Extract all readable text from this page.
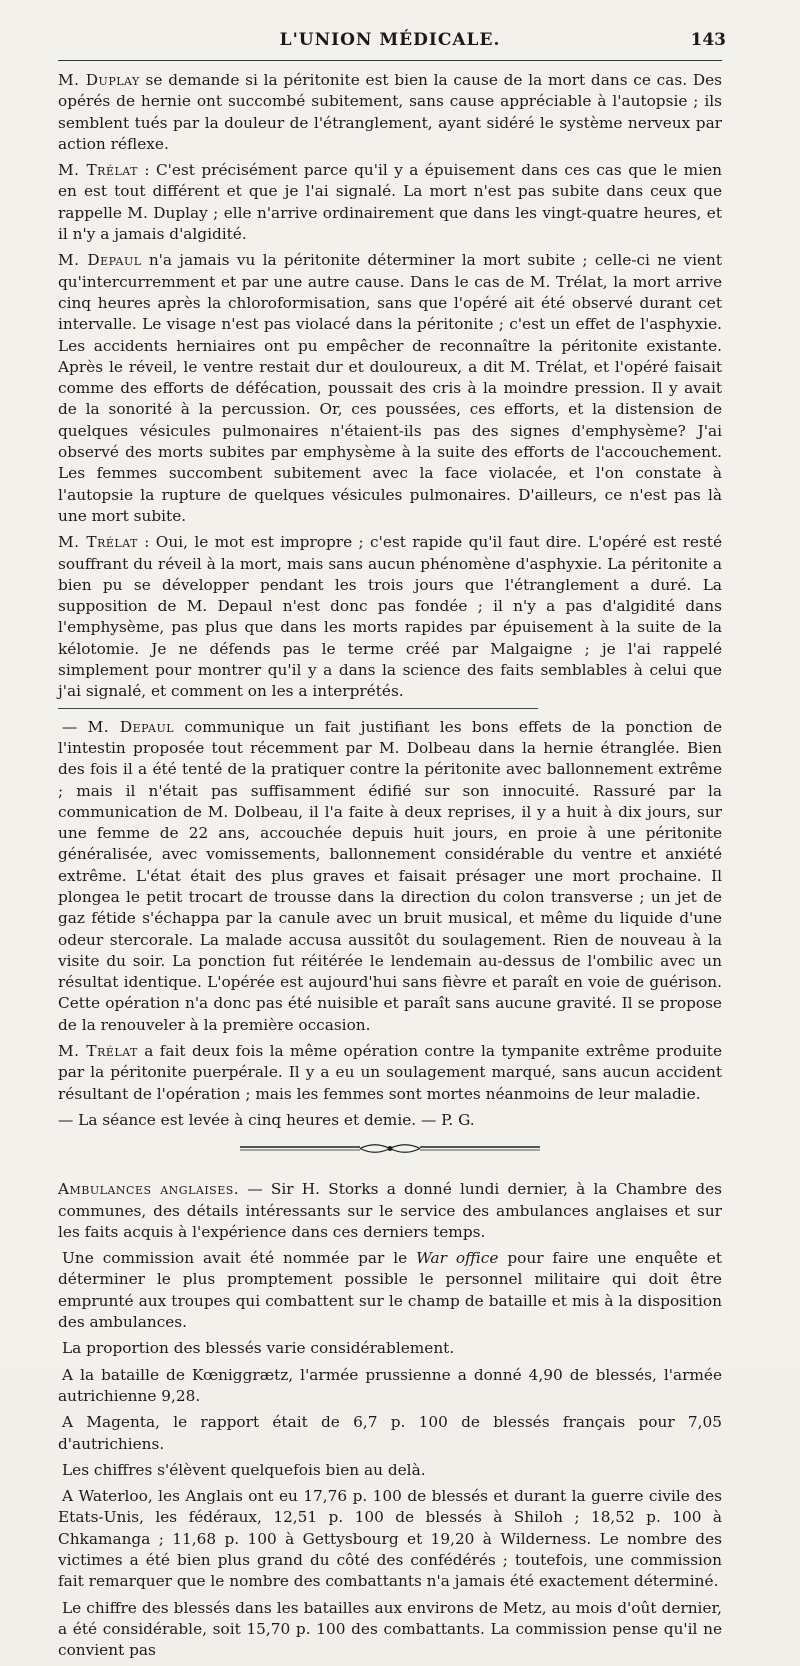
L'UNION MÉDICALE.	143

M. Duplay se demande si la péritonite est bien la cause de la mort dans ce cas. Des opérés de hernie ont succombé subitement, sans cause appréciable à l'autopsie ; ils semblent tués par la douleur de l'étranglement, ayant sidéré le système nerveux par action réflexe.

M. Trélat : C'est précisément parce qu'il y a épuisement dans ces cas que le mien en est tout différent et que je l'ai signalé. La mort n'est pas subite dans ceux que rappelle M. Duplay ; elle n'arrive ordinairement que dans les vingt-quatre heures, et il n'y a jamais d'algidité.

M. Depaul n'a jamais vu la péritonite déterminer la mort subite ; celle-ci ne vient qu'intercurremment et par une autre cause. Dans le cas de M. Trélat, la mort arrive cinq heures après la chloroformisation, sans que l'opéré ait été observé durant cet intervalle. Le visage n'est pas violacé dans la péritonite ; c'est un effet de l'asphyxie. Les accidents herniaires ont pu empêcher de reconnaître la péritonite existante. Après le réveil, le ventre restait dur et douloureux, a dit M. Trélat, et l'opéré faisait comme des efforts de défécation, poussait des cris à la moindre pression. Il y avait de la sonorité à la percussion. Or, ces poussées, ces efforts, et la distension de quelques vésicules pulmonaires n'étaient-ils pas des signes d'emphysème? J'ai observé des morts subites par emphysème à la suite des efforts de l'accouchement. Les femmes succombent subitement avec la face violacée, et l'on constate à l'autopsie la rupture de quelques vésicules pulmonaires. D'ailleurs, ce n'est pas là une mort subite.

M. Trélat : Oui, le mot est impropre ; c'est rapide qu'il faut dire. L'opéré est resté souffrant du réveil à la mort, mais sans aucun phénomène d'asphyxie. La péritonite a bien pu se développer pendant les trois jours que l'étranglement a duré. La supposition de M. Depaul n'est donc pas fondée ; il n'y a pas d'algidité dans l'emphysème, pas plus que dans les morts rapides par épuisement à la suite de la kélotomie. Je ne défends pas le terme créé par Malgaigne ; je l'ai rappelé simplement pour montrer qu'il y a dans la science des faits semblables à celui que j'ai signalé, et comment on les a interprétés.

— M. Depaul communique un fait justifiant les bons effets de la ponction de l'intestin proposée tout récemment par M. Dolbeau dans la hernie étranglée. Bien des fois il a été tenté de la pratiquer contre la péritonite avec ballonnement extrême ; mais il n'était pas suffisamment édifié sur son innocuité. Rassuré par la communication de M. Dolbeau, il l'a faite à deux reprises, il y a huit à dix jours, sur une femme de 22 ans, accouchée depuis huit jours, en proie à une péritonite généralisée, avec vomissements, ballonnement considérable du ventre et anxiété extrême. L'état était des plus graves et faisait présager une mort prochaine. Il plongea le petit trocart de trousse dans la direction du colon transverse ; un jet de gaz fétide s'échappa par la canule avec un bruit musical, et même du liquide d'une odeur stercorale. La malade accusa aussitôt du soulagement. Rien de nouveau à la visite du soir. La ponction fut réitérée le lendemain au-dessus de l'ombilic avec un résultat identique. L'opérée est aujourd'hui sans fièvre et paraît en voie de guérison. Cette opération n'a donc pas été nuisible et paraît sans aucune gravité. Il se propose de la renouveler à la première occasion.

M. Trélat a fait deux fois la même opération contre la tympanite extrême produite par la péritonite puerpérale. Il y a eu un soulagement marqué, sans aucun accident résultant de l'opération ; mais les femmes sont mortes néanmoins de leur maladie.

— La séance est levée à cinq heures et demie. — P. G.

Ambulances anglaises. — Sir H. Storks a donné lundi dernier, à la Chambre des communes, des détails intéressants sur le service des ambulances anglaises et sur les faits acquis à l'expérience dans ces derniers temps.

Une commission avait été nommée par le War office pour faire une enquête et déterminer le plus promptement possible le personnel militaire qui doit être emprunté aux troupes qui combattent sur le champ de bataille et mis à la disposition des ambulances.

La proportion des blessés varie considérablement.

A la bataille de Kœniggrætz, l'armée prussienne a donné 4,90 de blessés, l'armée autrichienne 9,28.

A Magenta, le rapport était de 6,7 p. 100 de blessés français pour 7,05 d'autrichiens.

Les chiffres s'élèvent quelquefois bien au delà.

A Waterloo, les Anglais ont eu 17,76 p. 100 de blessés et durant la guerre civile des Etats-Unis, les fédéraux, 12,51 p. 100 de blessés à Shiloh ; 18,52 p. 100 à Chkamanga ; 11,68 p. 100 à Gettysbourg et 19,20 à Wilderness. Le nombre des victimes a été bien plus grand du côté des confédérés ; toutefois, une commission fait remarquer que le nombre des combattants n'a jamais été exactement déterminé.

Le chiffre des blessés dans les batailles aux environs de Metz, au mois d'oût dernier, a été considérable, soit 15,70 p. 100 des combattants. La commission pense qu'il ne convient pas
